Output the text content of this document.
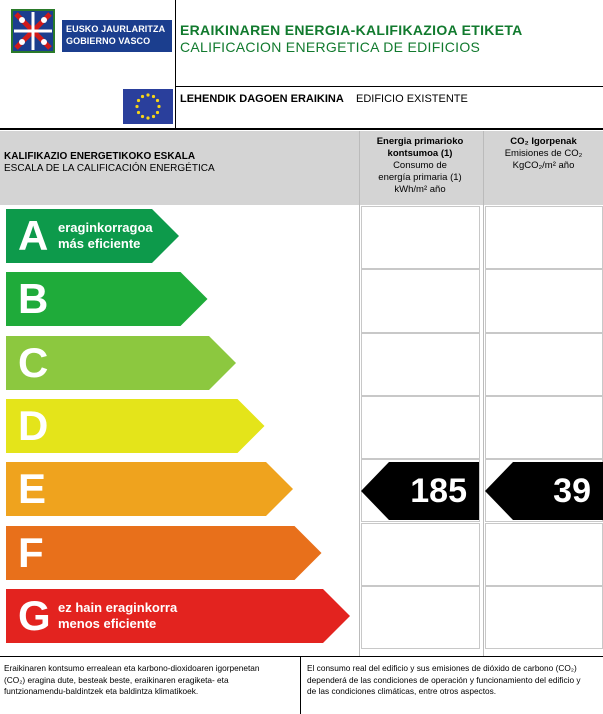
EUSKO JAURLARITZA
GOBIERNO VASCO
ERAIKINAREN ENERGIA-KALIFIKAZIOA ETIKETA
CALIFICACION ENERGETICA DE EDIFICIOS
LEHENDIK DAGOEN ERAIKINA EDIFICIO EXISTENTE
KALIFIKAZIO ENERGETIKOKO ESKALA
ESCALA DE LA CALIFICACIÓN ENERGÉTICA
Energia primarioko
kontsumoa (1)
Consumo de
energía primaria (1)
kWh/m² año
CO₂ Igorpenak
Emisiones de CO₂
KgCO₂/m² año
A eraginkorragoa
más eficiente
B
C
D
E	185	39
F
G ez hain eraginkorra
menos eficiente
Eraikinaren kontsumo errealean eta karbono-dioxidoaren igorpenetan
(CO₂) eragina dute, besteak beste, eraikinaren eragiketa- eta
funtzionamendu-baldintzek eta baldintza klimatikoek.
El consumo real del edificio y sus emisiones de dióxido de carbono (CO₂)
dependerá de las condiciones de operación y funcionamiento del edificio y
de las condiciones climáticas, entre otros aspectos.
